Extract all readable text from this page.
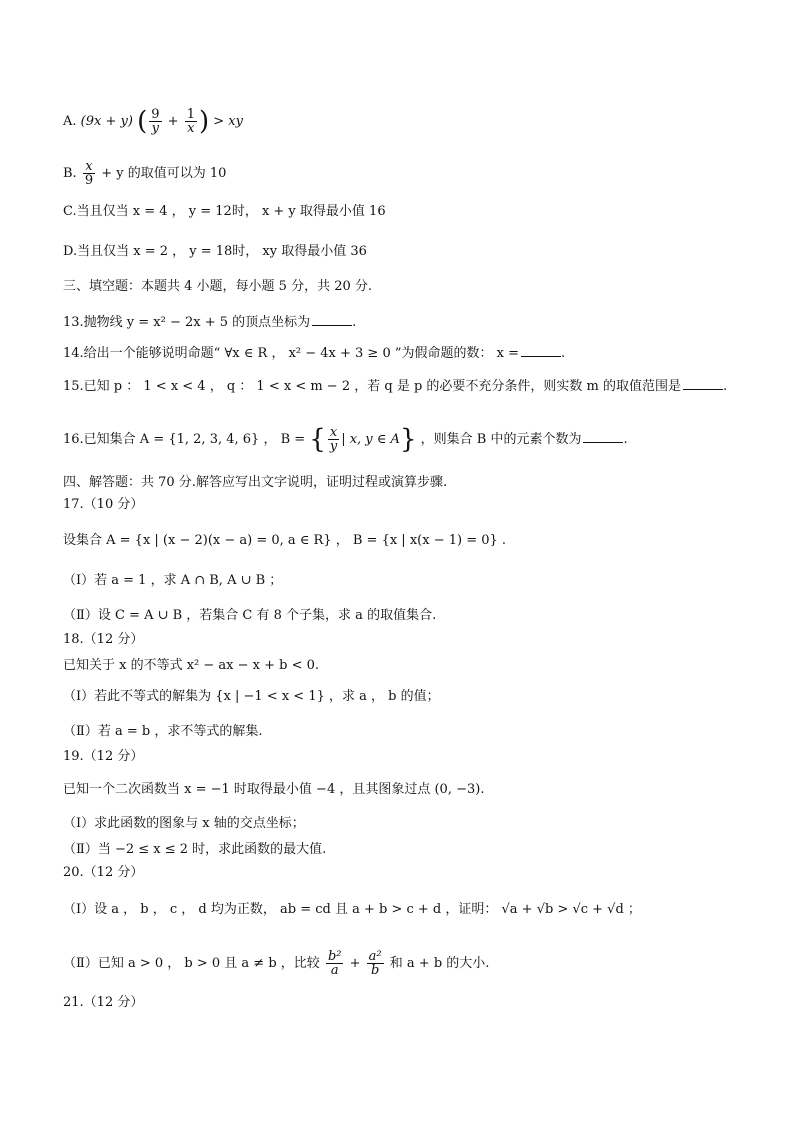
A. (9x + y) ( $\frac{9}{y} + \frac{1}{x}$ ) > xy
B. $\frac{x}{9} + y$ 的取值可以为 10
C.当且仅当 x = 4 ， y = 12时， x + y 取得最小值 16
D.当且仅当 x = 2 ， y = 18时， xy 取得最小值 36
三、填空题：本题共 4 小题，每小题 5 分，共 20 分.
13.抛物线 y = x² − 2x + 5 的顶点坐标为	.
14.给出一个能够说明命题“ ∀x ∈ R ， x² − 4x + 3 ≥ 0 ”为假命题的数： x =	.
15.已知 p ： 1 < x < 4 ， q ： 1 < x < m − 2 ，若 q 是 p 的必要不充分条件，则实数 m 的取值范围是	.
16.已知集合 A = {1, 2, 3, 4, 6} ， B = { $\frac{x}{y}$ | x, y ∈ A} ，则集合 B 中的元素个数为	.
四、解答题：共 70 分.解答应写出文字说明，证明过程或演算步骤.
17.（10 分）
设集合 A = {x | (x − 2)(x − a) = 0, a ∈ R} ， B = {x | x(x − 1) = 0} .
（Ⅰ）若 a = 1 ，求 A ∩ B, A ∪ B ；
（Ⅱ）设 C = A ∪ B ，若集合 C 有 8 个子集，求 a 的取值集合.
18.（12 分）
已知关于 x 的不等式 x² − ax − x + b < 0.
（Ⅰ）若此不等式的解集为 {x | −1 < x < 1} ，求 a ， b 的值；
（Ⅱ）若 a = b ，求不等式的解集.
19.（12 分）
已知一个二次函数当 x = −1 时取得最小值 −4 ，且其图象过点 (0, −3).
（Ⅰ）求此函数的图象与 x 轴的交点坐标；
（Ⅱ）当 −2 ≤ x ≤ 2 时，求此函数的最大值.
20.（12 分）
（Ⅰ）设 a ， b ， c ， d 均为正数， ab = cd 且 a + b > c + d ，证明： √a + √b > √c + √d ；
（Ⅱ）已知 a > 0 ， b > 0 且 a ≠ b ，比较 $\frac{\text{b²}}{a} + \frac{\text{a²}}{b}$ 和 a + b 的大小.
21.（12 分）
